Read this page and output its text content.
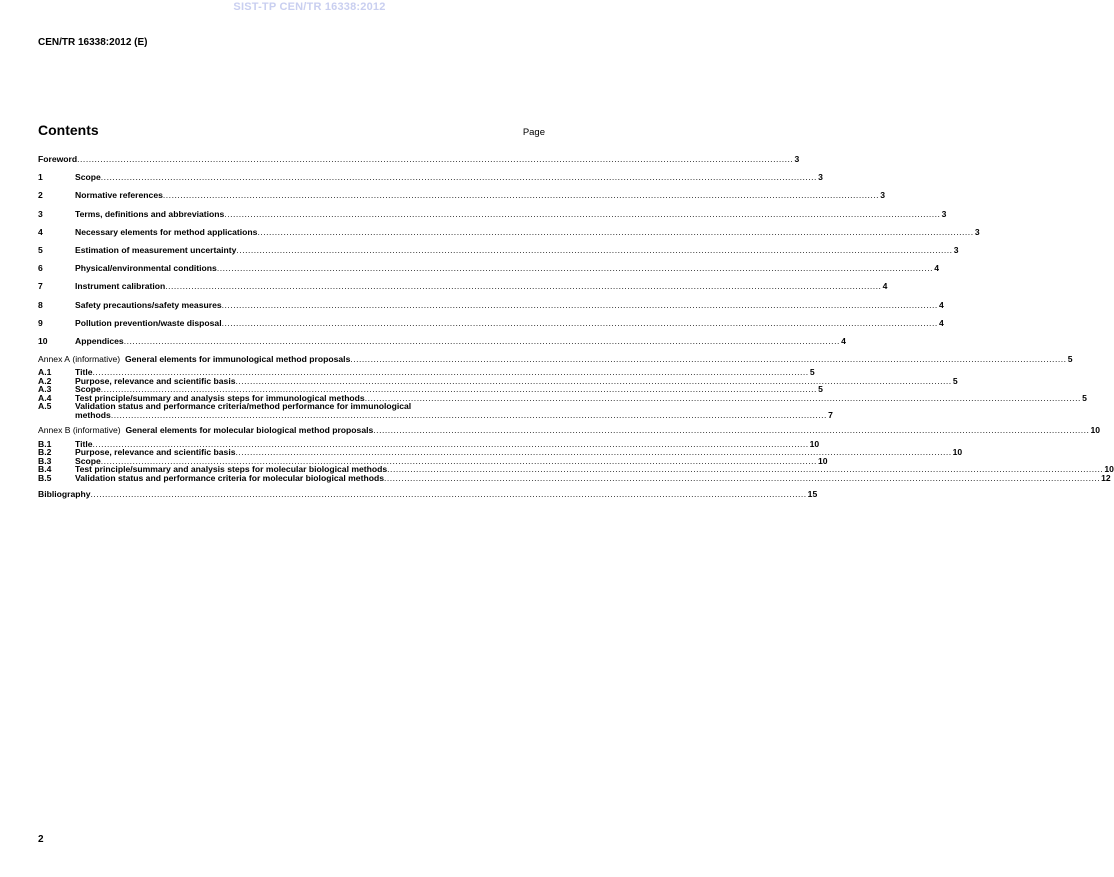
SIST-TP CEN/TR 16338:2012
CEN/TR 16338:2012 (E)
Contents	Page
Foreword .....	3
1	Scope .....	3
2	Normative references .....	3
3	Terms, definitions and abbreviations .....	3
4	Necessary elements for method applications .....	3
5	Estimation of measurement uncertainty .....	3
6	Physical/environmental conditions .....	4
7	Instrument calibration .....	4
8	Safety precautions/safety measures .....	4
9	Pollution prevention/waste disposal .....	4
10	Appendices .....	4
Annex A (informative) General elements for immunological method proposals .....	5
A.1	Title .....	5
A.2	Purpose, relevance and scientific basis .....	5
A.3	Scope .....	5
A.4	Test principle/summary and analysis steps for immunological methods .....	5
A.5	Validation status and performance criteria/method performance for immunological
methods .....	7
Annex B (informative) General elements for molecular biological method proposals .....	10
B.1	Title .....	10
B.2	Purpose, relevance and scientific basis .....	10
B.3	Scope .....	10
B.4	Test principle/summary and analysis steps for molecular biological methods .....	10
B.5	Validation status and performance criteria for molecular biological methods .....	12
Bibliography .....	15
2
